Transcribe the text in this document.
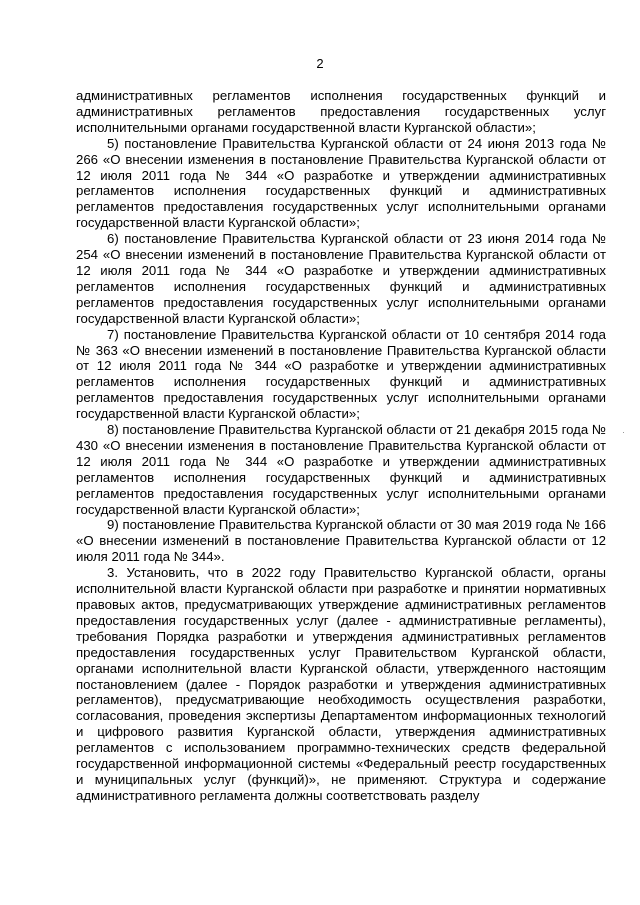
2

административных регламентов исполнения государственных функций и административных регламентов предоставления государственных услуг исполнительными органами государственной власти Курганской области»;

5) постановление Правительства Курганской области от 24 июня 2013 года № 266 «О внесении изменения в постановление Правительства Курганской области от 12 июля 2011 года № 344 «О разработке и утверждении административных регламентов исполнения государственных функций и административных регламентов предоставления государственных услуг исполнительными органами государственной власти Курганской области»;

6) постановление Правительства Курганской области от 23 июня 2014 года № 254 «О внесении изменений в постановление Правительства Курганской области от 12 июля 2011 года № 344 «О разработке и утверждении административных регламентов исполнения государственных функций и административных регламентов предоставления государственных услуг исполнительными органами государственной власти Курганской области»;

7) постановление Правительства Курганской области от 10 сентября 2014 года № 363 «О внесении изменений в постановление Правительства Курганской области от 12 июля 2011 года № 344 «О разработке и утверждении административных регламентов исполнения государственных функций и административных регламентов предоставления государственных услуг исполнительными органами государственной власти Курганской области»;

8) постановление Правительства Курганской области от 21 декабря 2015 года № 430 «О внесении изменения в постановление Правительства Курганской области от 12 июля 2011 года № 344 «О разработке и утверждении административных регламентов исполнения государственных функций и административных регламентов предоставления государственных услуг исполнительными органами государственной власти Курганской области»;

9) постановление Правительства Курганской области от 30 мая 2019 года № 166 «О внесении изменений в постановление Правительства Курганской области от 12 июля 2011 года № 344».

3. Установить, что в 2022 году Правительство Курганской области, органы исполнительной власти Курганской области при разработке и принятии нормативных правовых актов, предусматривающих утверждение административных регламентов предоставления государственных услуг (далее - административные регламенты), требования Порядка разработки и утверждения административных регламентов предоставления государственных услуг Правительством Курганской области, органами исполнительной власти Курганской области, утвержденного настоящим постановлением (далее - Порядок разработки и утверждения административных регламентов), предусматривающие необходимость осуществления разработки, согласования, проведения экспертизы Департаментом информационных технологий и цифрового развития Курганской области, утверждения административных регламентов с использованием программно-технических средств федеральной государственной информационной системы «Федеральный реестр государственных и муниципальных услуг (функций)», не применяют. Структура и содержание административного регламента должны соответствовать разделу
